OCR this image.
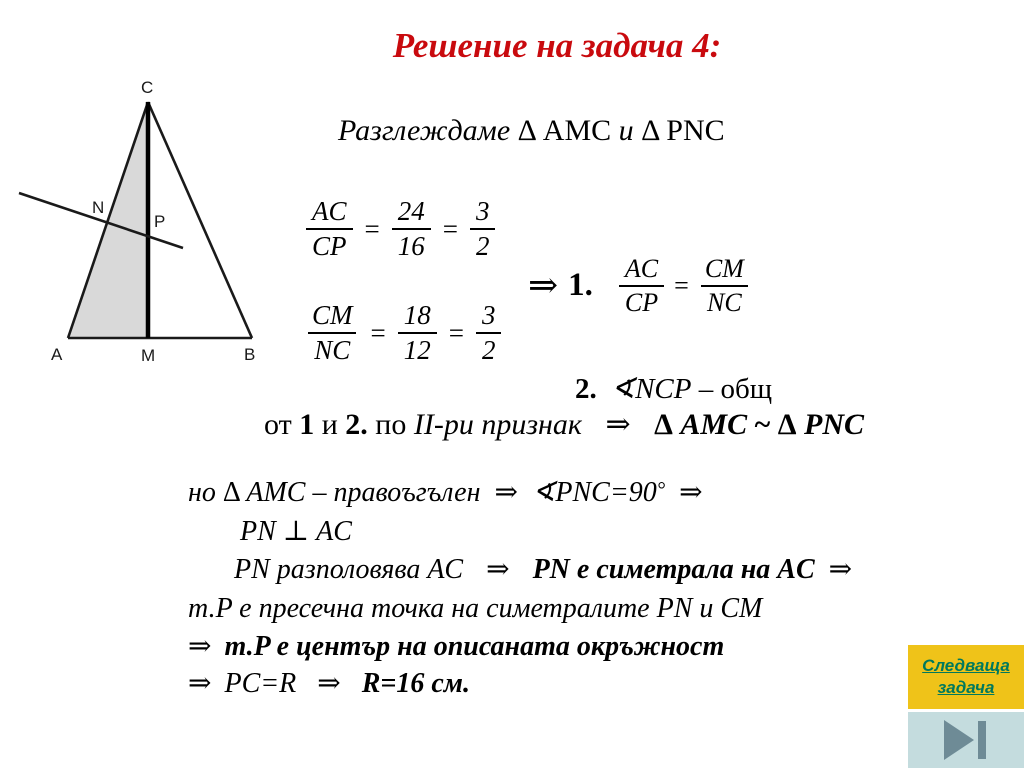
Решение на задача 4:
Разглеждаме Δ AMC и Δ PNC
C
N
P
A	M	B
$\frac{AC}{CP} = \frac{24}{16} = \frac{3}{2}$
$\frac{CM}{NC} = \frac{18}{12} = \frac{3}{2}$
⇒ 1. $\frac{AC}{CP} = \frac{CM}{NC}$
2. ∢NCP – общ
от 1 и 2. по II-ри признак ⇒ Δ AMC ~ Δ PNC
но Δ AMC – правоъгълен ⇒ ∢PNC=90° ⇒
PN ⊥ AC
PN разполовява AC ⇒ PN е симетрала на AC ⇒
т.P е пресечна точка на симетралите PN и CM
⇒ т.P е център на описаната окръжност
⇒ PC=R ⇒ R=16 см.
Следваща
задача
